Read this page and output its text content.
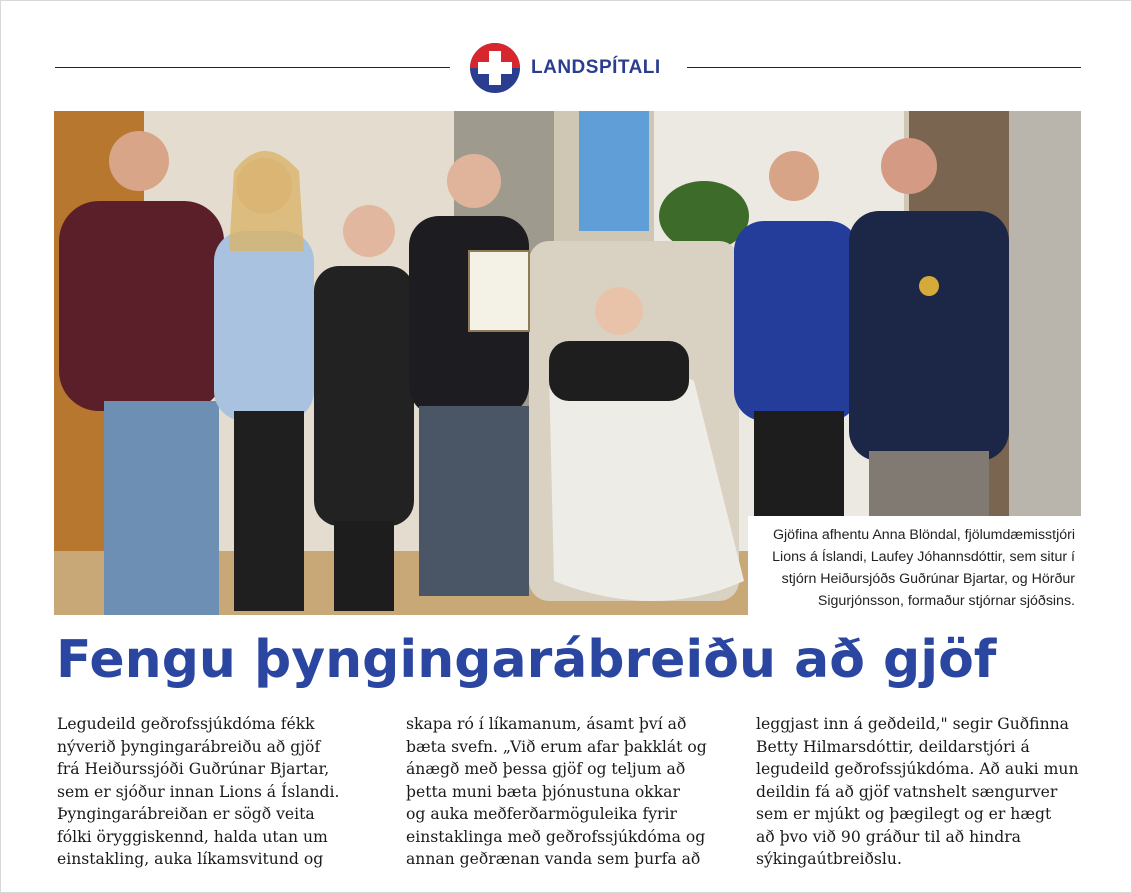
LANDSPÍTALI
Gjöfina afhentu Anna Blöndal, fjölumdæmisstjóri
Lions á Íslandi, Laufey Jóhannsdóttir, sem situr í
stjórn Heiðursjóðs Guðrúnar Bjartar, og Hörður
Sigurjónsson, formaður stjórnar sjóðsins.
Fengu þyngingarábreiðu að gjöf
Legudeild geðrofssjúkdóma fékk
nýverið þyngingarábreiðu að gjöf
frá Heiðurssjóði Guðrúnar Bjartar,
sem er sjóður innan Lions á Íslandi.
Þyngingarábreiðan er sögð veita
fólki öryggiskennd, halda utan um
einstakling, auka líkamsvitund og
skapa ró í líkamanum, ásamt því að
bæta svefn. „Við erum afar þakklát og
ánægð með þessa gjöf og teljum að
þetta muni bæta þjónustuna okkar
og auka meðferðarmöguleika fyrir
einstaklinga með geðrofssjúkdóma og
annan geðrænan vanda sem þurfa að
leggjast inn á geðdeild," segir Guðfinna
Betty Hilmarsdóttir, deildarstjóri á
legudeild geðrofssjúkdóma. Að auki mun
deildin fá að gjöf vatnshelt sængurver
sem er mjúkt og þægilegt og er hægt
að þvo við 90 gráður til að hindra
sýkingaútbreiðslu.
